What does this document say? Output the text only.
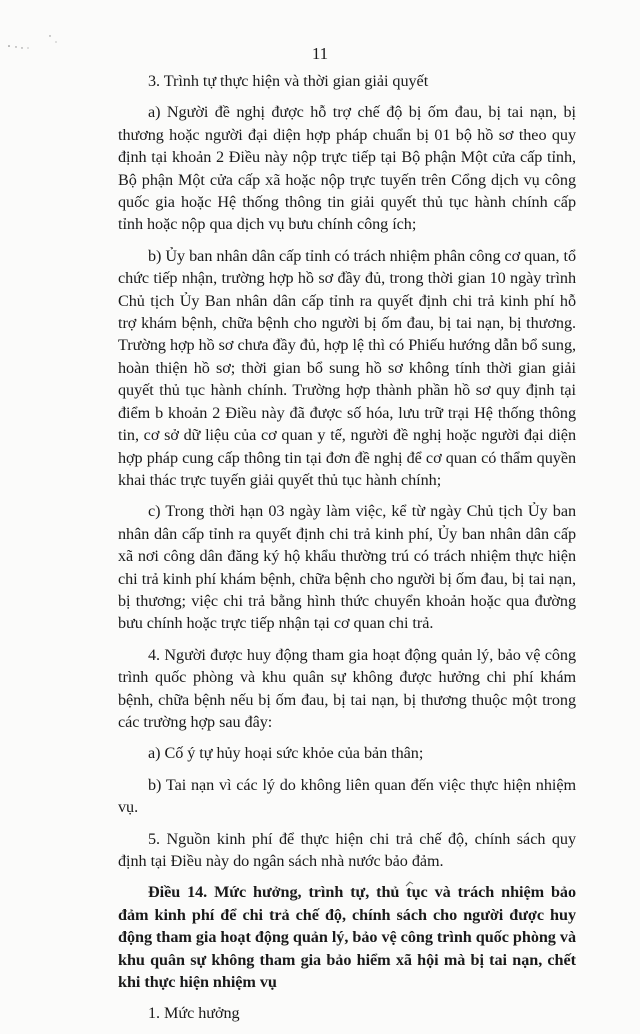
11

3. Trình tự thực hiện và thời gian giải quyết

a) Người đề nghị được hỗ trợ chế độ bị ốm đau, bị tai nạn, bị thương hoặc người đại diện hợp pháp chuẩn bị 01 bộ hồ sơ theo quy định tại khoản 2 Điều này nộp trực tiếp tại Bộ phận Một cửa cấp tỉnh, Bộ phận Một cửa cấp xã hoặc nộp trực tuyến trên Cổng dịch vụ công quốc gia hoặc Hệ thống thông tin giải quyết thủ tục hành chính cấp tỉnh hoặc nộp qua dịch vụ bưu chính công ích;

b) Ủy ban nhân dân cấp tỉnh có trách nhiệm phân công cơ quan, tổ chức tiếp nhận, trường hợp hồ sơ đầy đủ, trong thời gian 10 ngày trình Chủ tịch Ủy Ban nhân dân cấp tỉnh ra quyết định chi trả kinh phí hỗ trợ khám bệnh, chữa bệnh cho người bị ốm đau, bị tai nạn, bị thương. Trường hợp hồ sơ chưa đầy đủ, hợp lệ thì có Phiếu hướng dẫn bổ sung, hoàn thiện hồ sơ; thời gian bổ sung hồ sơ không tính thời gian giải quyết thủ tục hành chính. Trường hợp thành phần hồ sơ quy định tại điểm b khoản 2 Điều này đã được số hóa, lưu trữ trại Hệ thống thông tin, cơ sở dữ liệu của cơ quan y tế, người đề nghị hoặc người đại diện hợp pháp cung cấp thông tin tại đơn đề nghị để cơ quan có thẩm quyền khai thác trực tuyến giải quyết thủ tục hành chính;

c) Trong thời hạn 03 ngày làm việc, kể từ ngày Chủ tịch Ủy ban nhân dân cấp tỉnh ra quyết định chi trả kinh phí, Ủy ban nhân dân cấp xã nơi công dân đăng ký hộ khẩu thường trú có trách nhiệm thực hiện chi trả kinh phí khám bệnh, chữa bệnh cho người bị ốm đau, bị tai nạn, bị thương; việc chi trả bằng hình thức chuyển khoản hoặc qua đường bưu chính hoặc trực tiếp nhận tại cơ quan chi trả.

4. Người được huy động tham gia hoạt động quản lý, bảo vệ công trình quốc phòng và khu quân sự không được hưởng chi phí khám bệnh, chữa bệnh nếu bị ốm đau, bị tai nạn, bị thương thuộc một trong các trường hợp sau đây:

a) Cố ý tự hủy hoại sức khỏe của bản thân;

b) Tai nạn vì các lý do không liên quan đến việc thực hiện nhiệm vụ.

5. Nguồn kinh phí để thực hiện chi trả chế độ, chính sách quy định tại Điều này do ngân sách nhà nước bảo đảm.

Điều 14. Mức hưởng, trình tự, thủ tục và trách nhiệm bảo đảm kinh phí để chi trả chế độ, chính sách cho người được huy động tham gia hoạt động quản lý, bảo vệ công trình quốc phòng và khu quân sự không tham gia bảo hiểm xã hội mà bị tai nạn, chết khi thực hiện nhiệm vụ

1. Mức hưởng
